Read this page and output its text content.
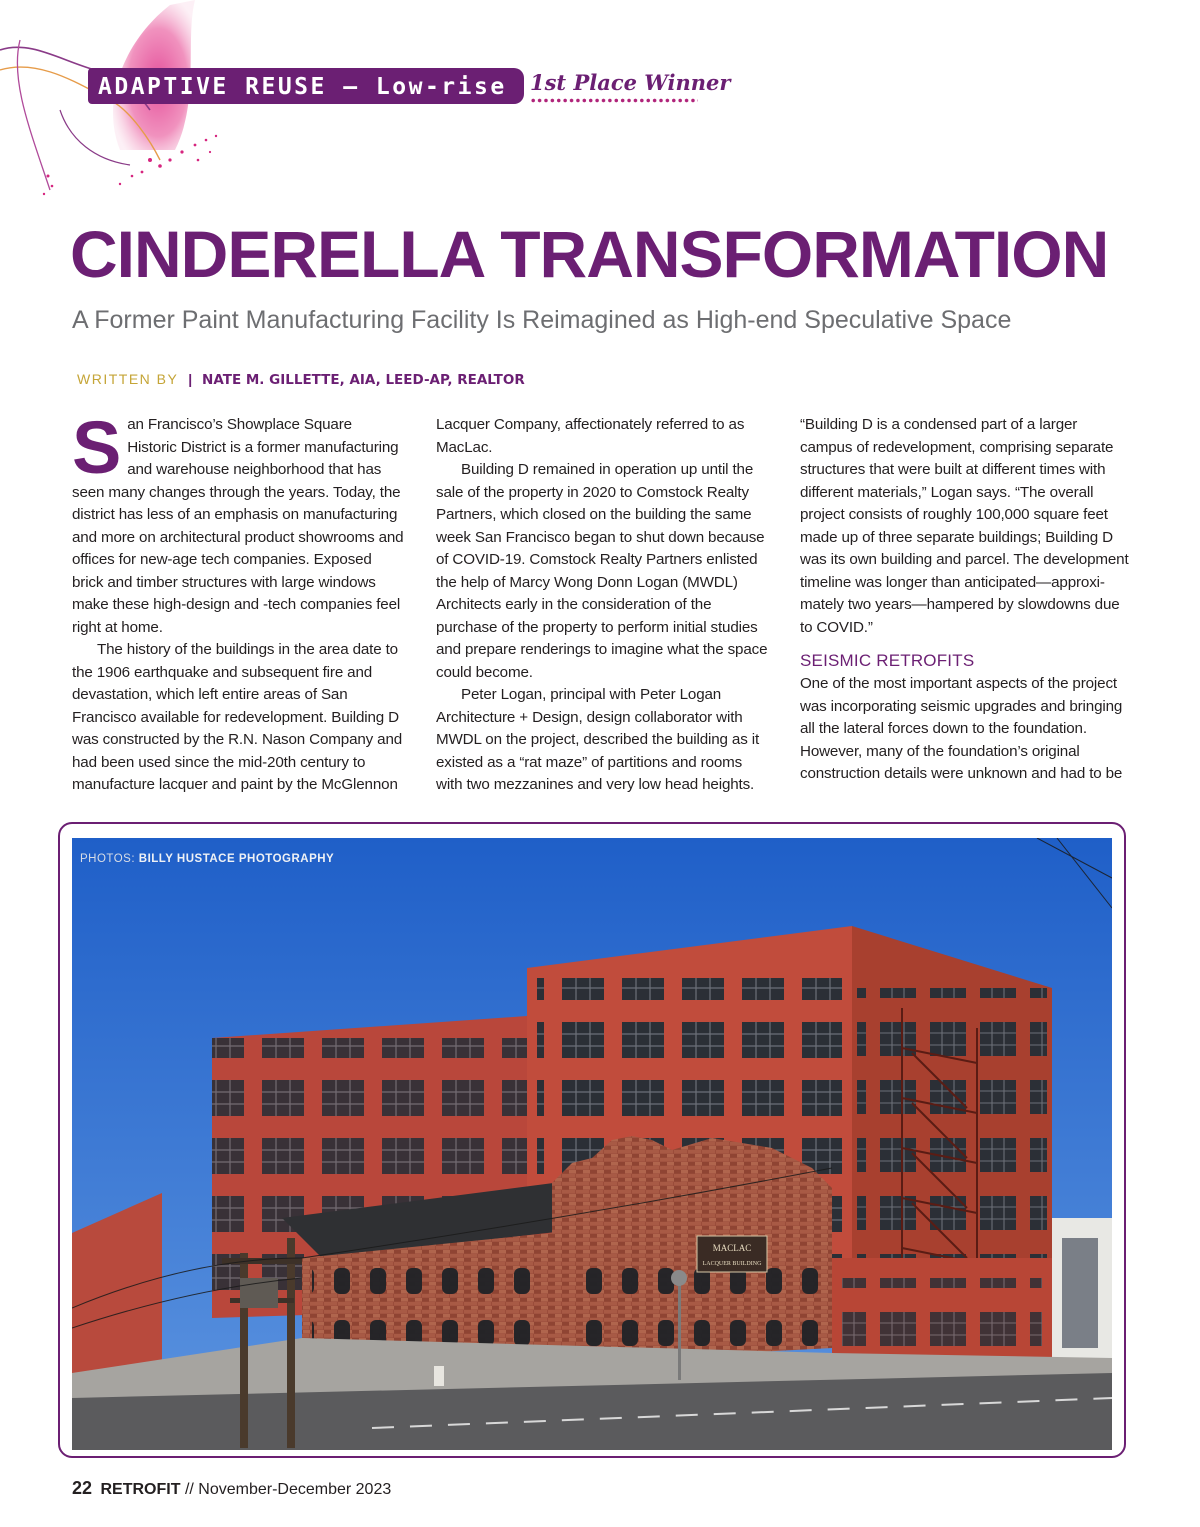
ADAPTIVE REUSE – Low-rise 1st Place Winner
CINDERELLA TRANSFORMATION
A Former Paint Manufacturing Facility Is Reimagined as High-end Speculative Space
WRITTEN BY | NATE M. GILLETTE, AIA, LEED-AP, REALTOR

San Francisco’s Showplace Square Historic District is a former manufacturing and warehouse neighborhood that has seen many changes through the years. Today, the district has less of an emphasis on manufacturing and more on architectural product showrooms and offices for new-age tech companies. Exposed brick and timber structures with large windows make these high-design and -tech companies feel right at home.

The history of the buildings in the area date to the 1906 earthquake and subsequent fire and devastation, which left entire areas of San Francisco available for redevelopment. Building D was constructed by the R.N. Nason Company and had been used since the mid-20th century to manufacture lacquer and paint by the McGlennon

Lacquer Company, affectionately referred to as MacLac.

Building D remained in operation up until the sale of the property in 2020 to Comstock Realty Partners, which closed on the building the same week San Francisco began to shut down because of COVID-19. Comstock Realty Partners enlisted the help of Marcy Wong Donn Logan (MWDL) Architects early in the consideration of the purchase of the property to perform initial studies and prepare renderings to imagine what the space could become.

Peter Logan, principal with Peter Logan Architecture + Design, design collaborator with MWDL on the project, described the building as it existed as a “rat maze” of partitions and rooms with two mezzanines and very low head heights.

“Building D is a condensed part of a larger campus of redevelopment, comprising separate structures that were built at different times with different materials,” Logan says. “The overall project consists of roughly 100,000 square feet made up of three separate buildings; Building D was its own building and parcel. The development timeline was longer than anticipated—approximately two years—hampered by slowdowns due to COVID.”

SEISMIC RETROFITS

One of the most important aspects of the project was incorporating seismic upgrades and bringing all the lateral forces down to the foundation. However, many of the foundation’s original construction details were unknown and had to be

MACLAC
LACQUER BUILDING
PHOTOS: BILLY HUSTACE PHOTOGRAPHY
22 RETROFIT // November-December 2023
